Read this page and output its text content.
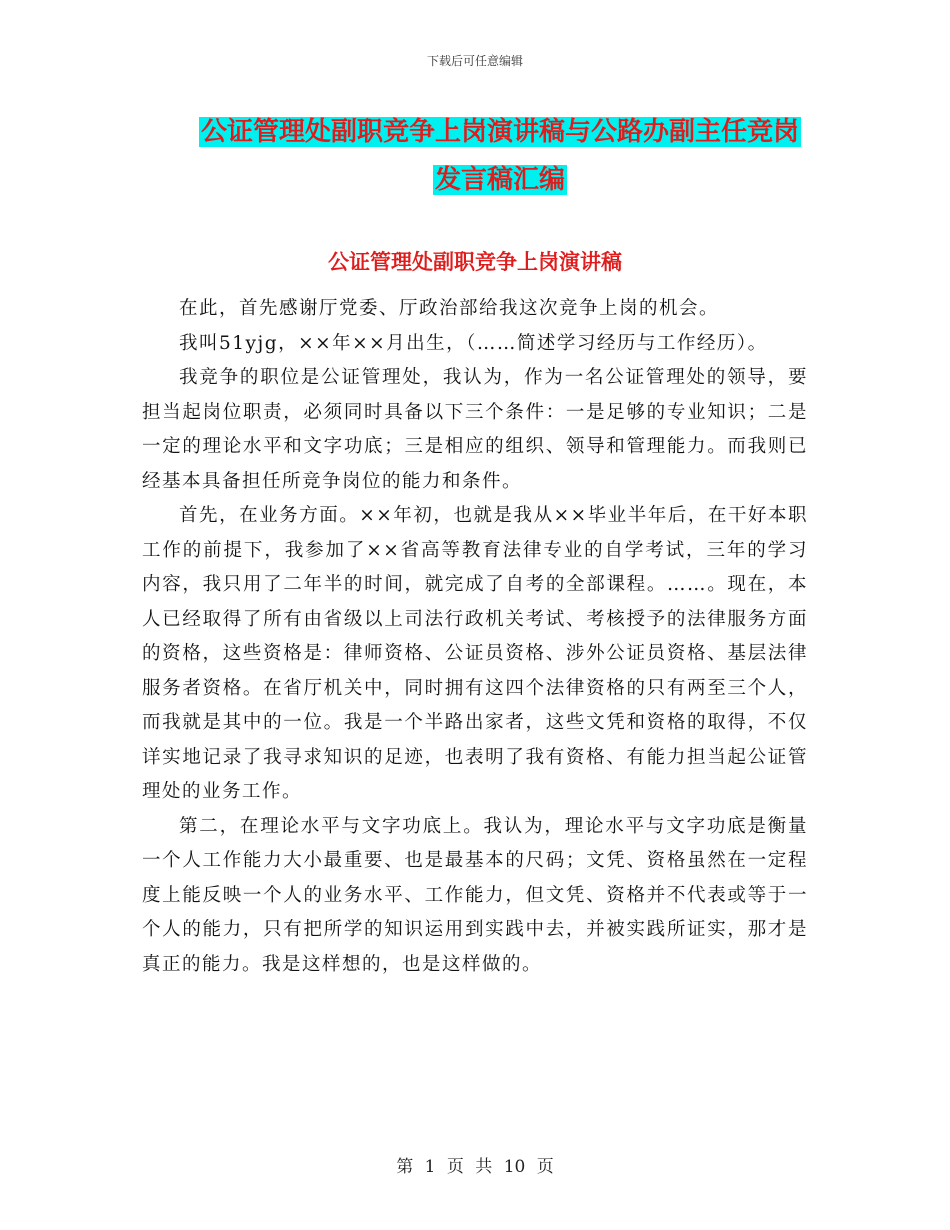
下载后可任意编辑
公证管理处副职竞争上岗演讲稿与公路办副主任竞岗
发言稿汇编
公证管理处副职竞争上岗演讲稿

在此，首先感谢厅党委、厅政治部给我这次竞争上岗的机会。

我叫51yjg，××年××月出生，（……简述学习经历与工作经历）。

我竞争的职位是公证管理处，我认为，作为一名公证管理处的领导，要担当起岗位职责，必须同时具备以下三个条件：一是足够的专业知识；二是一定的理论水平和文字功底；三是相应的组织、领导和管理能力。而我则已经基本具备担任所竞争岗位的能力和条件。

首先，在业务方面。××年初，也就是我从××毕业半年后，在干好本职工作的前提下，我参加了××省高等教育法律专业的自学考试，三年的学习内容，我只用了二年半的时间，就完成了自考的全部课程。……。现在，本人已经取得了所有由省级以上司法行政机关考试、考核授予的法律服务方面的资格，这些资格是：律师资格、公证员资格、涉外公证员资格、基层法律服务者资格。在省厅机关中，同时拥有这四个法律资格的只有两至三个人，而我就是其中的一位。我是一个半路出家者，这些文凭和资格的取得，不仅详实地记录了我寻求知识的足迹，也表明了我有资格、有能力担当起公证管理处的业务工作。

第二，在理论水平与文字功底上。我认为，理论水平与文字功底是衡量一个人工作能力大小最重要、也是最基本的尺码；文凭、资格虽然在一定程度上能反映一个人的业务水平、工作能力，但文凭、资格并不代表或等于一个人的能力，只有把所学的知识运用到实践中去，并被实践所证实，那才是真正的能力。我是这样想的，也是这样做的。

第 1 页 共 10 页
